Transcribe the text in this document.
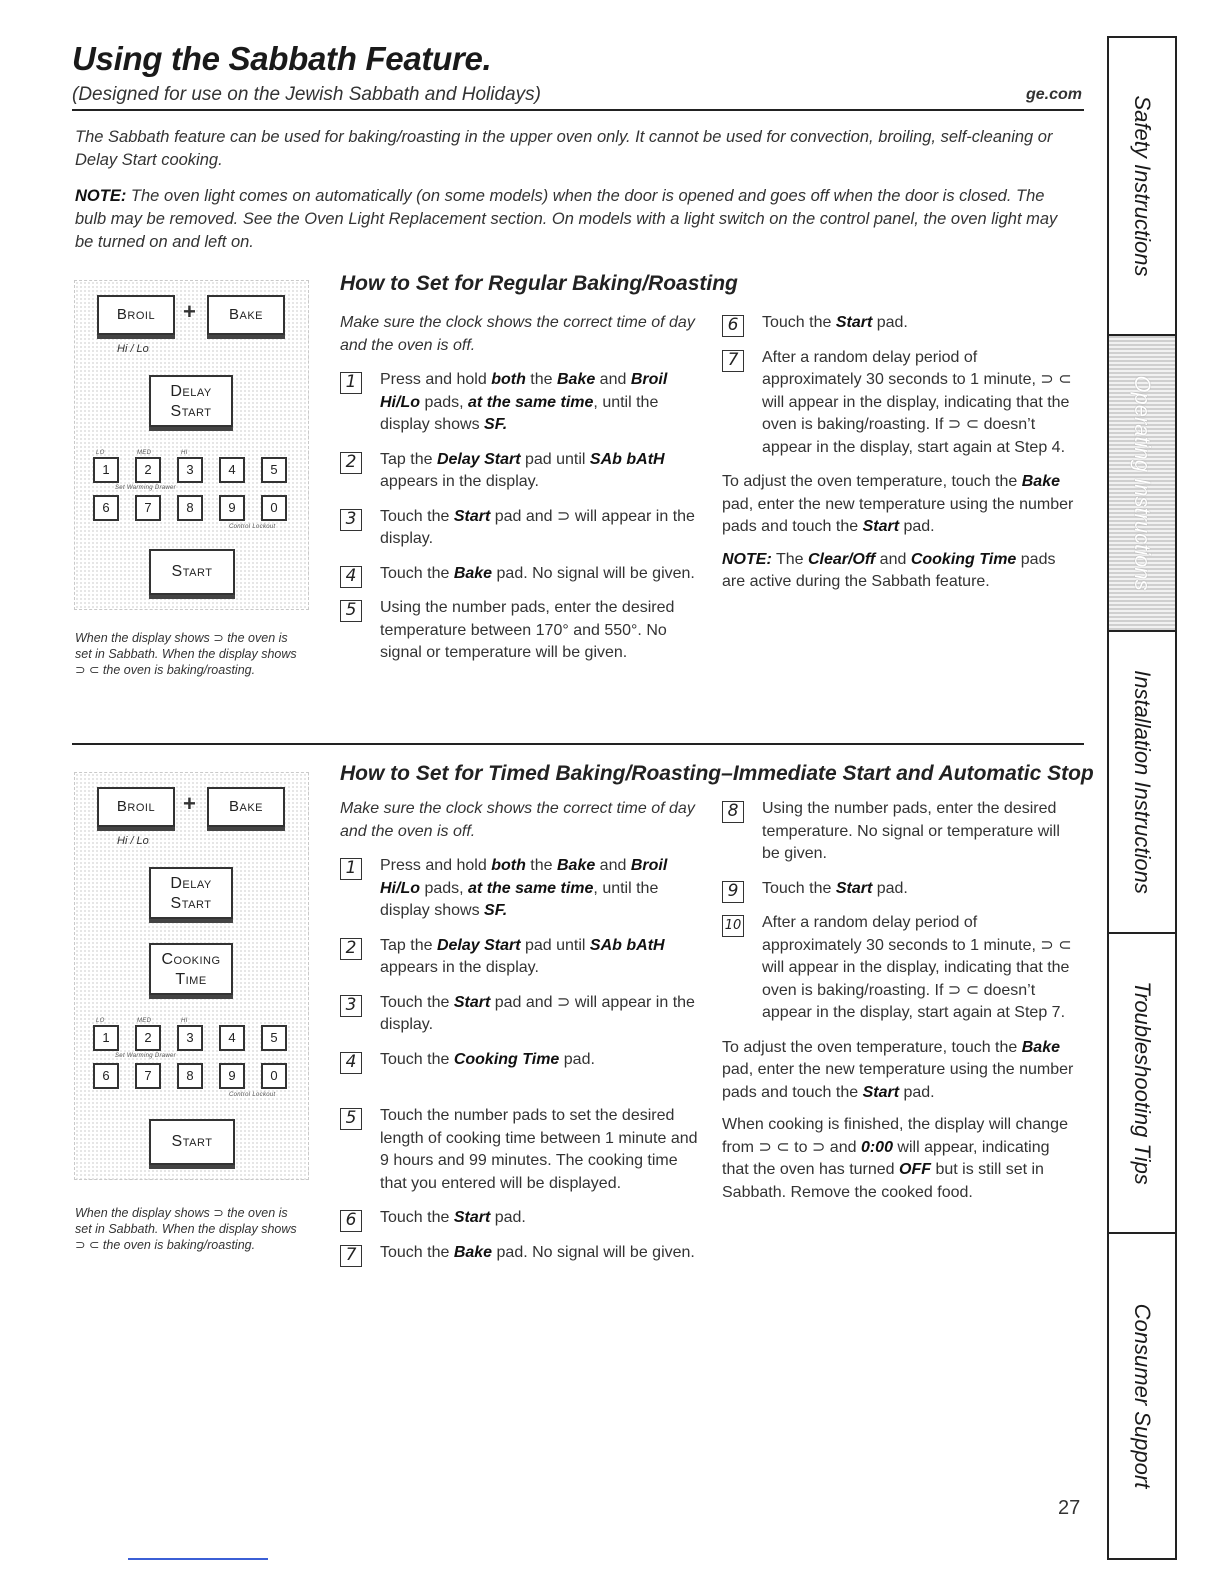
Using the Sabbath Feature.
(Designed for use on the Jewish Sabbath and Holidays)	ge.com
The Sabbath feature can be used for baking/roasting in the upper oven only. It cannot be used for convection, broiling, self-cleaning or Delay Start cooking.
NOTE: The oven light comes on automatically (on some models) when the door is opened and goes off when the door is closed. The bulb may be removed. See the Oven Light Replacement section. On models with a light switch on the control panel, the oven light may be turned on and left on.
Broil	+	Bake
Hi / Lo
Delay
Start
1	2	3	4	5
LO	MED	HI
Set Warming Drawer
6	7	8	9	0
Control Lockout
Start
When the display shows ⊃ the oven is set in Sabbath. When the display shows ⊃ ⊂ the oven is baking/roasting.
How to Set for Regular Baking/Roasting
Make sure the clock shows the correct time of day and the oven is off.
1	Press and hold both the Bake and Broil Hi/Lo pads, at the same time, until the display shows SF.
2	Tap the Delay Start pad until SAb bAtH appears in the display.
3	Touch the Start pad and ⊃ will appear in the display.
4	Touch the Bake pad. No signal will be given.
5	Using the number pads, enter the desired temperature between 170° and 550°. No signal or temperature will be given.
6	Touch the Start pad.
7	After a random delay period of approximately 30 seconds to 1 minute, ⊃ ⊂ will appear in the display, indicating that the oven is baking/roasting. If ⊃ ⊂ doesn’t appear in the display, start again at Step 4.
To adjust the oven temperature, touch the Bake pad, enter the new temperature using the number pads and touch the Start pad.
NOTE: The Clear/Off and Cooking Time pads are active during the Sabbath feature.
Broil	+	Bake
Hi / Lo
Delay
Start
Cooking
Time
1	2	3	4	5
LO	MED	HI
Set Warming Drawer
6	7	8	9	0
Control Lockout
Start
When the display shows ⊃ the oven is set in Sabbath. When the display shows ⊃ ⊂ the oven is baking/roasting.
How to Set for Timed Baking/Roasting–Immediate Start and Automatic Stop
Make sure the clock shows the correct time of day and the oven is off.
1	Press and hold both the Bake and Broil Hi/Lo pads, at the same time, until the display shows SF.
2	Tap the Delay Start pad until SAb bAtH appears in the display.
3	Touch the Start pad and ⊃ will appear in the display.
4	Touch the Cooking Time pad.
5	Touch the number pads to set the desired length of cooking time between 1 minute and 9 hours and 99 minutes. The cooking time that you entered will be displayed.
6	Touch the Start pad.
7	Touch the Bake pad. No signal will be given.
8	Using the number pads, enter the desired temperature. No signal or temperature will be given.
9	Touch the Start pad.
10 After a random delay period of approximately 30 seconds to 1 minute, ⊃ ⊂ will appear in the display, indicating that the oven is baking/roasting. If ⊃ ⊂ doesn’t appear in the display, start again at Step 7.
To adjust the oven temperature, touch the Bake pad, enter the new temperature using the number pads and touch the Start pad.
When cooking is finished, the display will change from ⊃ ⊂ to ⊃ and 0:00 will appear, indicating that the oven has turned OFF but is still set in Sabbath. Remove the cooked food.
Safety Instructions
Operating Instructions
Installation Instructions
Troubleshooting Tips
Consumer Support
27
